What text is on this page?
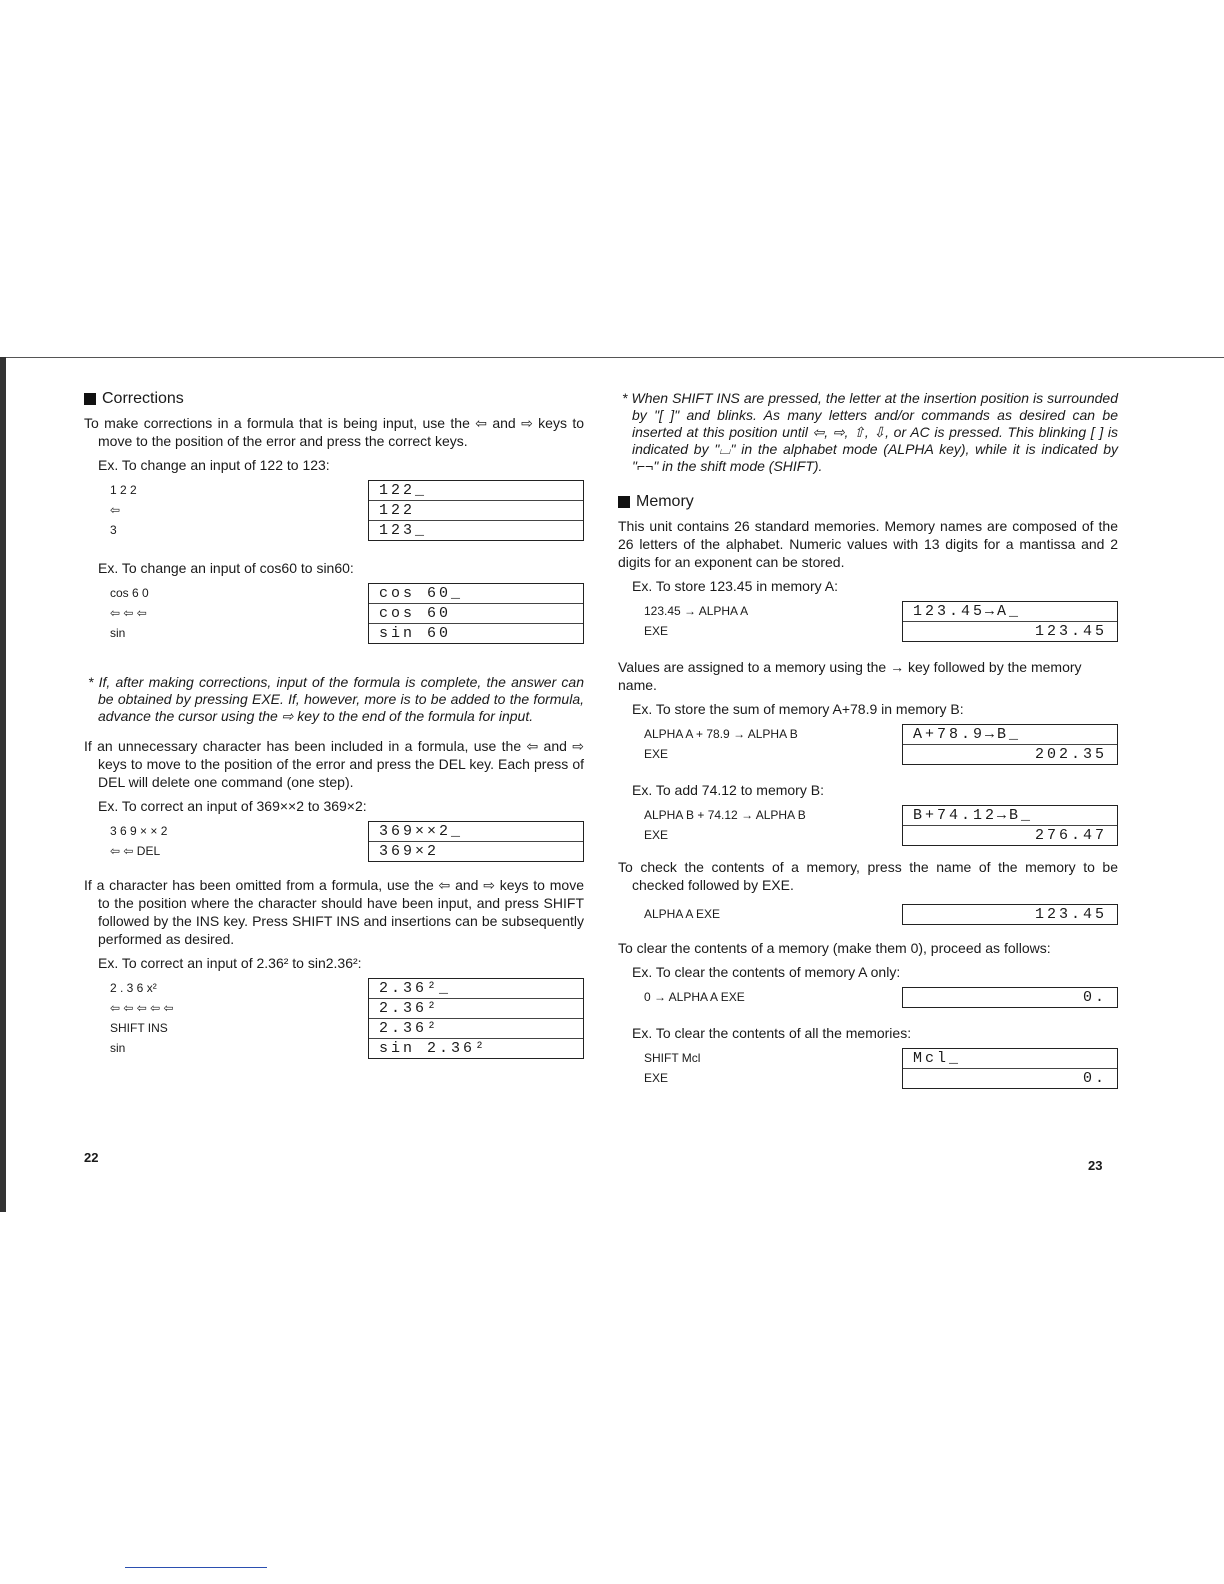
Corrections

To make corrections in a formula that is being input, use the ⇦ and ⇨ keys to move to the position of the error and press the correct keys.

Ex. To change an input of 122 to 123:

1 2 2
⇦
3
122_
122
123_

Ex. To change an input of cos60 to sin60:

cos 6 0
⇦ ⇦ ⇦
sin
cos 60_
cos 60
sin 60

* If, after making corrections, input of the formula is complete, the answer can be obtained by pressing EXE. If, however, more is to be added to the formula, advance the cursor using the ⇨ key to the end of the formula for input.

If an unnecessary character has been included in a formula, use the ⇦ and ⇨ keys to move to the position of the error and press the DEL key. Each press of DEL will delete one command (one step).

Ex. To correct an input of 369××2 to 369×2:

3 6 9 × × 2
⇦ ⇦ DEL
369××2_
369×2

If a character has been omitted from a formula, use the ⇦ and ⇨ keys to move to the position where the character should have been input, and press SHIFT followed by the INS key. Press SHIFT INS and insertions can be subsequently performed as desired.

Ex. To correct an input of 2.36² to sin2.36²:

2 . 3 6 x²
⇦ ⇦ ⇦ ⇦ ⇦
SHIFT INS
sin
2.36²_
2.36²
2.36²
sin 2.36²
22

* When SHIFT INS are pressed, the letter at the insertion position is surrounded by "[ ]" and blinks. As many letters and/or commands as desired can be inserted at this position until ⇦, ⇨, ⇧, ⇩, or AC is pressed. This blinking [ ] is indicated by "⌴" in the alphabet mode (ALPHA key), while it is indicated by "⌐¬" in the shift mode (SHIFT).

Memory

This unit contains 26 standard memories. Memory names are composed of the 26 letters of the alphabet. Numeric values with 13 digits for a mantissa and 2 digits for an exponent can be stored.

Ex. To store 123.45 in memory A:

123.45 → ALPHA A
EXE
123.45→A_
123.45

Values are assigned to a memory using the → key followed by the memory name.

Ex. To store the sum of memory A+78.9 in memory B:

ALPHA A + 78.9 → ALPHA B
EXE
A+78.9→B_
202.35

Ex. To add 74.12 to memory B:

ALPHA B + 74.12 → ALPHA B
EXE
B+74.12→B_
276.47

To check the contents of a memory, press the name of the memory to be checked followed by EXE.

ALPHA A EXE	123.45

To clear the contents of a memory (make them 0), proceed as follows:

Ex. To clear the contents of memory A only:

0 → ALPHA A EXE	0.

Ex. To clear the contents of all the memories:

SHIFT Mcl
EXE
Mcl_
0.
23
